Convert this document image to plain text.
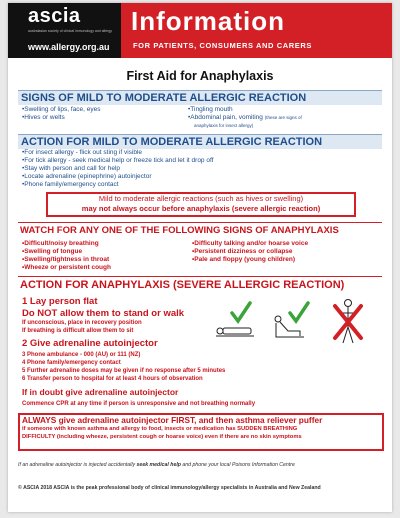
ascia
australasian society of clinical immunology and allergy
www.allergy.org.au
Information
FOR PATIENTS, CONSUMERS AND CARERS
First Aid for Anaphylaxis
SIGNS OF MILD TO MODERATE ALLERGIC REACTION
• Swelling of lips, face, eyes
• Hives or welts
• Tingling mouth
• Abdominal pain, vomiting (these are signs of
anaphylaxis for insect allergy)
ACTION FOR MILD TO MODERATE ALLERGIC REACTION
• For insect allergy - flick out sting if visible
• For tick allergy - seek medical help or freeze tick and let it drop off
• Stay with person and call for help
• Locate adrenaline (epinephrine) autoinjector
• Phone family/emergency contact
Mild to moderate allergic reactions (such as hives or swelling)
may not always occur before anaphylaxis (severe allergic reaction)
WATCH FOR ANY ONE OF THE FOLLOWING SIGNS OF ANAPHYLAXIS
• Difficult/noisy breathing
• Swelling of tongue
• Swelling/tightness in throat
• Wheeze or persistent cough
• Difficulty talking and/or hoarse voice
• Persistent dizziness or collapse
• Pale and floppy (young children)
ACTION FOR ANAPHYLAXIS (SEVERE ALLERGIC REACTION)
1 Lay person flat
Do NOT allow them to stand or walk
If unconscious, place in recovery position
If breathing is difficult allow them to sit
2 Give adrenaline autoinjector
3 Phone ambulance - 000 (AU) or 111 (NZ)
4 Phone family/emergency contact
5 Further adrenaline doses may be given if no response after 5 minutes
6 Transfer person to hospital for at least 4 hours of observation
If in doubt give adrenaline autoinjector
Commence CPR at any time if person is unresponsive and not breathing normally
ALWAYS give adrenaline autoinjector FIRST, and then asthma reliever puffer
if someone with known asthma and allergy to food, insects or medication has SUDDEN BREATHING
DIFFICULTY (including wheeze, persistent cough or hoarse voice) even if there are no skin symptoms
If an adrenaline autoinjector is injected accidentally seek medical help and phone your local Poisons Information Centre
© ASCIA 2018 ASCIA is the peak professional body of clinical immunology/allergy specialists in Australia and New Zealand
